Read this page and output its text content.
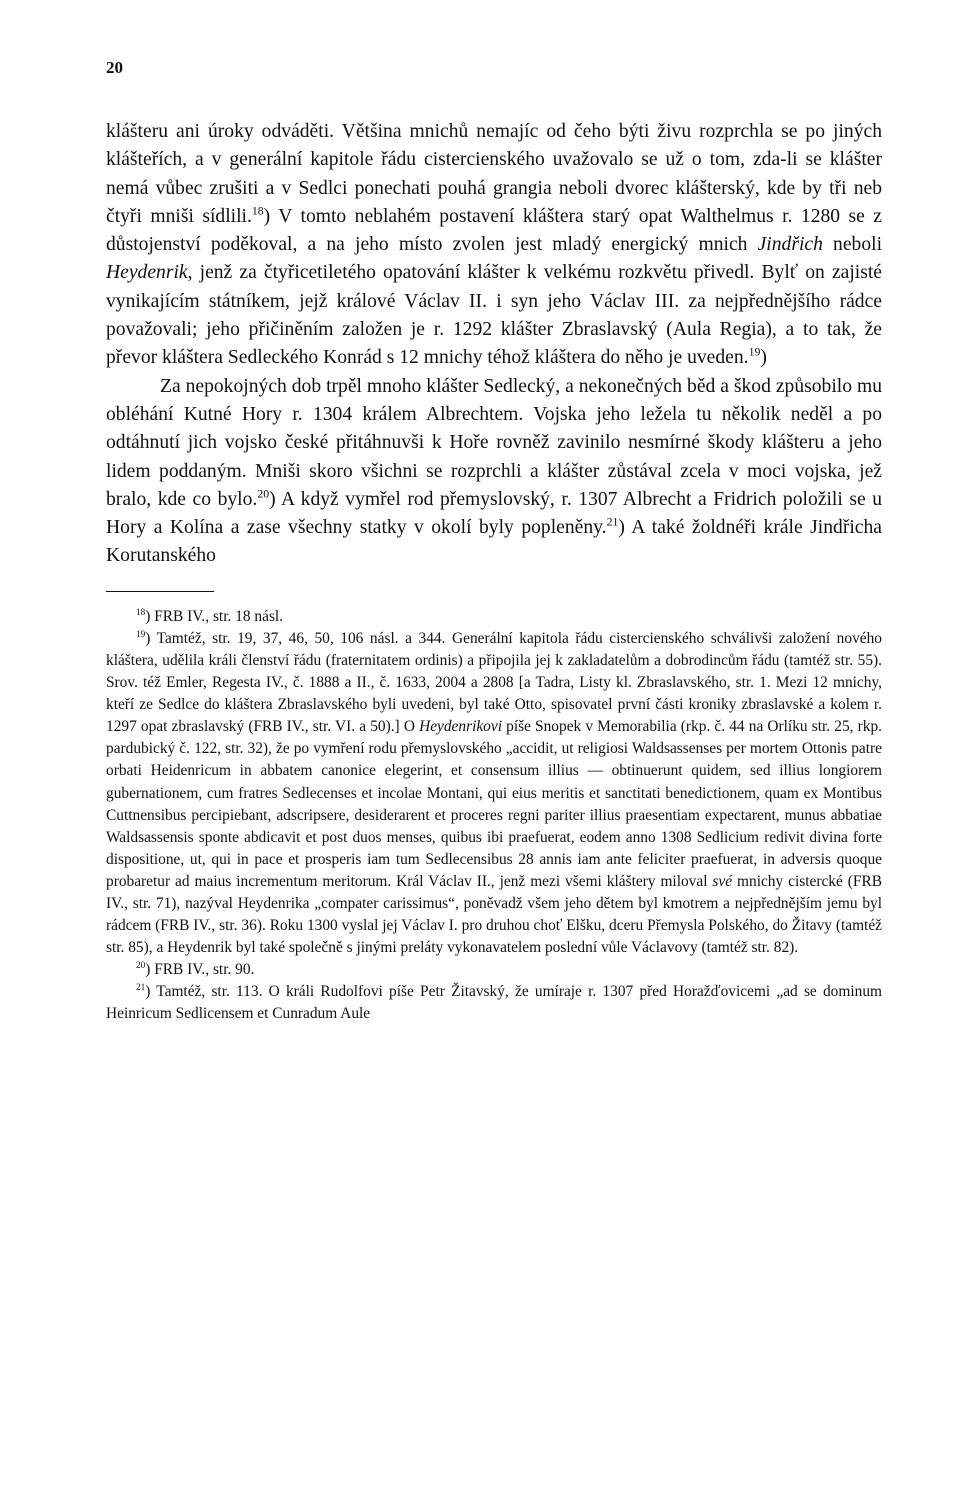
20

klášteru ani úroky odváděti. Většina mnichů nemajíc od čeho býti živu rozprchla se po jiných klášteřích, a v generální kapitole řádu cistercienského uvažovalo se už o tom, zda-li se klášter nemá vůbec zrušiti a v Sedlci ponechati pouhá grangia neboli dvorec klášterský, kde by tři neb čtyři mniši sídlili.$^{18}$) V tomto neblahém postavení kláštera starý opat Walthelmus r. 1280 se z důstojenství poděkoval, a na jeho místo zvolen jest mladý energický mnich Jindřich neboli Heydenrik, jenž za čtyřicetiletého opatování klášter k velkému rozkvětu přivedl. Bylť on zajisté vynikajícím státníkem, jejž králové Václav II. i syn jeho Václav III. za nejpřednějšího rádce považovali; jeho přičiněním založen je r. 1292 klášter Zbraslavský (Aula Regia), a to tak, že převor kláštera Sedleckého Konrád s 12 mnichy téhož kláštera do něho je uveden.$^{19}$)

Za nepokojných dob trpěl mnoho klášter Sedlecký, a nekonečných běd a škod způsobilo mu obléhání Kutné Hory r. 1304 králem Albrechtem. Vojska jeho ležela tu několik neděl a po odtáhnutí jich vojsko české přitáhnuvši k Hoře rovněž zavinilo nesmírné škody klášteru a jeho lidem poddaným. Mniši skoro všichni se rozprchli a klášter zůstával zcela v moci vojska, jež bralo, kde co bylo.$^{20}$) A když vymřel rod přemyslovský, r. 1307 Albrecht a Fridrich položili se u Hory a Kolína a zase všechny statky v okolí byly popleněny.$^{21}$) A také žoldnéři krále Jindřicha Korutanského

$^{18}$) FRB IV., str. 18 násl.

$^{19}$) Tamtéž, str. 19, 37, 46, 50, 106 násl. a 344. Generální kapitola řádu cistercienského schválivši založení nového kláštera, udělila králi členství řádu (fraternitatem ordinis) a připojila jej k zakladatelům a dobrodincům řádu (tamtéž str. 55). Srov. též Emler, Regesta IV., č. 1888 a II., č. 1633, 2004 a 2808 [a Tadra, Listy kl. Zbraslavského, str. 1. Mezi 12 mnichy, kteří ze Sedlce do kláštera Zbraslavského byli uvedeni, byl také Otto, spisovatel první části kroniky zbraslavské a kolem r. 1297 opat zbraslavský (FRB IV., str. VI. a 50).] O Heydenrikovi píše Snopek v Memorabilia (rkp. č. 44 na Orlíku str. 25, rkp. pardubický č. 122, str. 32), že po vymření rodu přemyslovského „accidit, ut religiosi Waldsassenses per mortem Ottonis patre orbati Heidenricum in abbatem canonice elegerint, et consensum illius — obtinuerunt quidem, sed illius longiorem gubernationem, cum fratres Sedlecenses et incolae Montani, qui eius meritis et sanctitati benedictionem, quam ex Montibus Cuttnensibus percipiebant, adscripsere, desiderarent et proceres regni pariter illius praesentiam expectarent, munus abbatiae Waldsassensis sponte abdicavit et post duos menses, quibus ibi praefuerat, eodem anno 1308 Sedlicium redivit divina forte dispositione, ut, qui in pace et prosperis iam tum Sedlecensibus 28 annis iam ante feliciter praefuerat, in adversis quoque probaretur ad maius incrementum meritorum. Král Václav II., jenž mezi všemi kláštery miloval své mnichy cistercké (FRB IV., str. 71), nazýval Heydenrika „compater carissimus“, poněvadž všem jeho dětem byl kmotrem a nejpřednějším jemu byl rádcem (FRB IV., str. 36). Roku 1300 vyslal jej Václav I. pro druhou choť Elšku, dceru Přemysla Polského, do Žitavy (tamtéž str. 85), a Heydenrik byl také společně s jinými preláty vykonavatelem poslední vůle Václavovy (tamtéž str. 82).

$^{20}$) FRB IV., str. 90.

$^{21}$) Tamtéž, str. 113. O králi Rudolfovi píše Petr Žitavský, že umíraje r. 1307 před Horažďovicemi „ad se dominum Heinricum Sedlicensem et Cunradum Aule
